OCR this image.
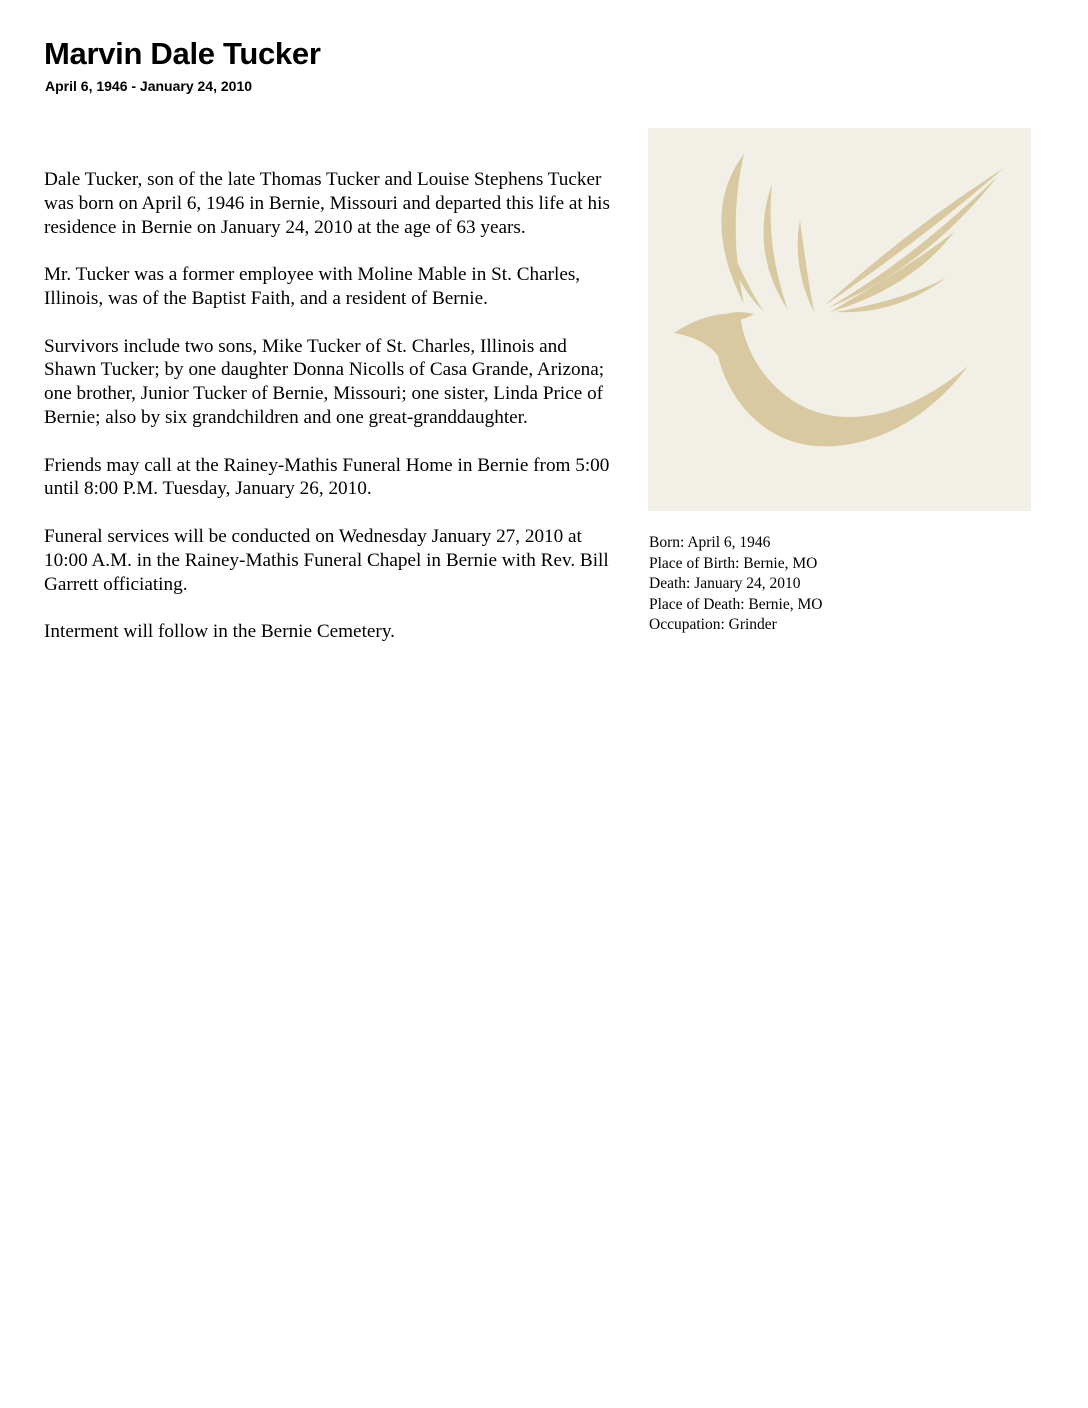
Marvin Dale Tucker
April 6, 1946 - January 24, 2010

Dale Tucker, son of the late Thomas Tucker and Louise Stephens Tucker was born on April 6, 1946 in Bernie, Missouri and departed this life at his residence in Bernie on January 24, 2010 at the age of 63 years.

Mr. Tucker was a former employee with Moline Mable in St. Charles, Illinois, was of the Baptist Faith, and a resident of Bernie.

Survivors include two sons, Mike Tucker of St. Charles, Illinois and Shawn Tucker; by one daughter Donna Nicolls of Casa Grande, Arizona; one brother, Junior Tucker of Bernie, Missouri; one sister, Linda Price of Bernie; also by six grandchildren and one great-granddaughter.

Friends may call at the Rainey-Mathis Funeral Home in Bernie from 5:00 until 8:00 P.M. Tuesday, January 26, 2010.

Funeral services will be conducted on Wednesday January 27, 2010 at 10:00 A.M. in the Rainey-Mathis Funeral Chapel in Bernie with Rev. Bill Garrett officiating.

Interment will follow in the Bernie Cemetery.

Born: April 6, 1946
Place of Birth: Bernie, MO
Death: January 24, 2010
Place of Death: Bernie, MO
Occupation: Grinder
